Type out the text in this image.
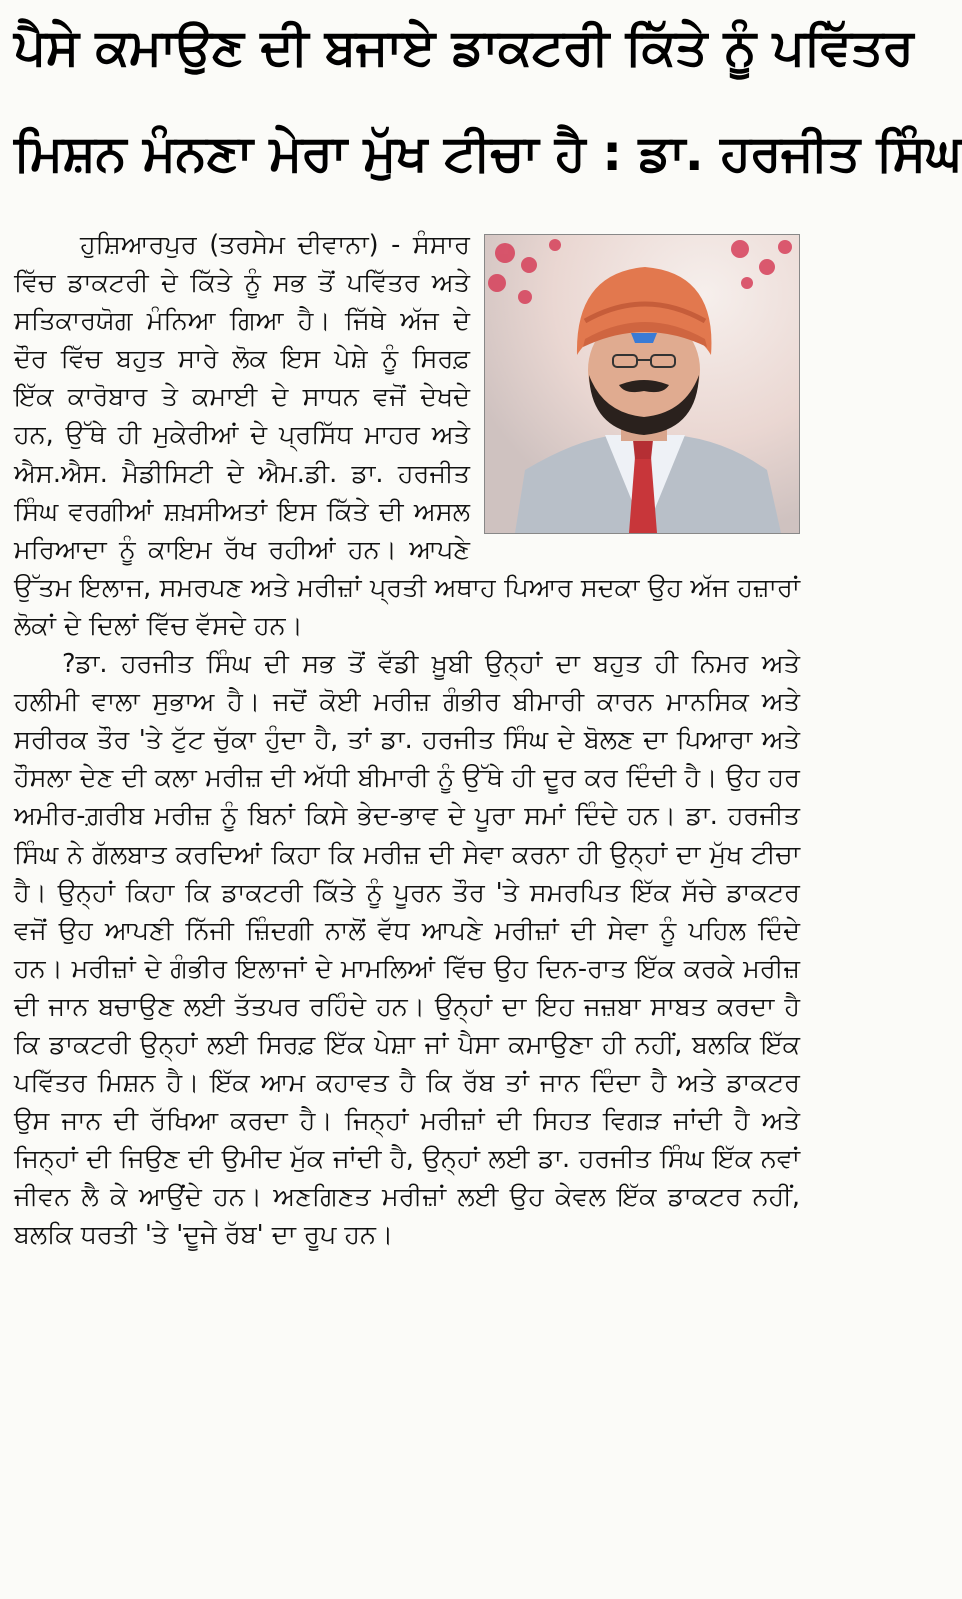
ਪੈਸੇ ਕਮਾਉਣ ਦੀ ਬਜਾਏ ਡਾਕਟਰੀ ਕਿੱਤੇ ਨੂੰ ਪਵਿੱਤਰ
ਮਿਸ਼ਨ ਮੰਨਣਾ ਮੇਰਾ ਮੁੱਖ ਟੀਚਾ ਹੈ : ਡਾ. ਹਰਜੀਤ ਸਿੰਘ

ਹੁਸ਼ਿਆਰਪੁਰ (ਤਰਸੇਮ ਦੀਵਾਨਾ) -
ਸੰਸਾਰ ਵਿੱਚ ਡਾਕਟਰੀ ਦੇ ਕਿੱਤੇ ਨੂੰ ਸਭ ਤੋਂ ਪਵਿੱਤਰ ਅਤੇ ਸਤਿਕਾਰਯੋਗ ਮੰਨਿਆ ਗਿਆ ਹੈ। ਜਿੱਥੇ ਅੱਜ ਦੇ ਦੌਰ ਵਿੱਚ ਬਹੁਤ ਸਾਰੇ ਲੋਕ ਇਸ ਪੇਸ਼ੇ ਨੂੰ ਸਿਰਫ਼ ਇੱਕ ਕਾਰੋਬਾਰ ਤੇ ਕਮਾਈ ਦੇ ਸਾਧਨ ਵਜੋਂ ਦੇਖਦੇ ਹਨ, ਉੱਥੇ ਹੀ ਮੁਕੇਰੀਆਂ ਦੇ ਪ੍ਰਸਿੱਧ ਮਾਹਰ ਅਤੇ ਐਸ.ਐਸ. ਮੈਡੀਸਿਟੀ ਦੇ ਐਮ.ਡੀ. ਡਾ. ਹਰਜੀਤ ਸਿੰਘ ਵਰਗੀਆਂ ਸ਼ਖ਼ਸੀਅਤਾਂ ਇਸ ਕਿੱਤੇ ਦੀ ਅਸਲ ਮਰਿਆਦਾ ਨੂੰ ਕਾਇਮ ਰੱਖ ਰਹੀਆਂ ਹਨ। ਆਪਣੇ ਉੱਤਮ ਇਲਾਜ, ਸਮਰਪਣ ਅਤੇ ਮਰੀਜ਼ਾਂ ਪ੍ਰਤੀ ਅਥਾਹ ਪਿਆਰ ਸਦਕਾ ਉਹ ਅੱਜ ਹਜ਼ਾਰਾਂ ਲੋਕਾਂ ਦੇ ਦਿਲਾਂ ਵਿੱਚ ਵੱਸਦੇ ਹਨ।

?ਡਾ. ਹਰਜੀਤ ਸਿੰਘ ਦੀ ਸਭ ਤੋਂ ਵੱਡੀ ਖ਼ੂਬੀ ਉਨ੍ਹਾਂ ਦਾ ਬਹੁਤ ਹੀ ਨਿਮਰ ਅਤੇ ਹਲੀਮੀ ਵਾਲਾ ਸੁਭਾਅ ਹੈ। ਜਦੋਂ ਕੋਈ ਮਰੀਜ਼ ਗੰਭੀਰ ਬੀਮਾਰੀ ਕਾਰਨ ਮਾਨਸਿਕ ਅਤੇ ਸਰੀਰਕ ਤੌਰ 'ਤੇ ਟੁੱਟ ਚੁੱਕਾ ਹੁੰਦਾ ਹੈ, ਤਾਂ ਡਾ. ਹਰਜੀਤ ਸਿੰਘ ਦੇ ਬੋਲਣ ਦਾ ਪਿਆਰਾ ਅਤੇ ਹੌਸਲਾ ਦੇਣ ਦੀ ਕਲਾ ਮਰੀਜ਼ ਦੀ ਅੱਧੀ ਬੀਮਾਰੀ ਨੂੰ ਉੱਥੇ ਹੀ ਦੂਰ ਕਰ ਦਿੰਦੀ ਹੈ। ਉਹ ਹਰ ਅਮੀਰ-ਗ਼ਰੀਬ ਮਰੀਜ਼ ਨੂੰ ਬਿਨਾਂ ਕਿਸੇ ਭੇਦ-ਭਾਵ ਦੇ ਪੂਰਾ ਸਮਾਂ ਦਿੰਦੇ ਹਨ। ਡਾ. ਹਰਜੀਤ ਸਿੰਘ ਨੇ ਗੱਲਬਾਤ ਕਰਦਿਆਂ ਕਿਹਾ ਕਿ ਮਰੀਜ਼ ਦੀ ਸੇਵਾ ਕਰਨਾ ਹੀ ਉਨ੍ਹਾਂ ਦਾ ਮੁੱਖ ਟੀਚਾ ਹੈ। ਉਨ੍ਹਾਂ ਕਿਹਾ ਕਿ ਡਾਕਟਰੀ ਕਿੱਤੇ ਨੂੰ ਪੂਰਨ ਤੌਰ 'ਤੇ ਸਮਰਪਿਤ ਇੱਕ ਸੱਚੇ ਡਾਕਟਰ ਵਜੋਂ ਉਹ ਆਪਣੀ ਨਿੱਜੀ ਜ਼ਿੰਦਗੀ ਨਾਲੋਂ ਵੱਧ ਆਪਣੇ ਮਰੀਜ਼ਾਂ ਦੀ ਸੇਵਾ ਨੂੰ ਪਹਿਲ ਦਿੰਦੇ ਹਨ। ਮਰੀਜ਼ਾਂ ਦੇ ਗੰਭੀਰ ਇਲਾਜਾਂ ਦੇ ਮਾਮਲਿਆਂ ਵਿੱਚ ਉਹ ਦਿਨ-ਰਾਤ ਇੱਕ ਕਰਕੇ ਮਰੀਜ਼ ਦੀ ਜਾਨ ਬਚਾਉਣ ਲਈ ਤੱਤਪਰ ਰਹਿੰਦੇ ਹਨ। ਉਨ੍ਹਾਂ ਦਾ ਇਹ ਜਜ਼ਬਾ ਸਾਬਤ ਕਰਦਾ ਹੈ ਕਿ ਡਾਕਟਰੀ ਉਨ੍ਹਾਂ ਲਈ ਸਿਰਫ਼ ਇੱਕ ਪੇਸ਼ਾ ਜਾਂ ਪੈਸਾ ਕਮਾਉਣਾ ਹੀ ਨਹੀਂ, ਬਲਕਿ ਇੱਕ ਪਵਿੱਤਰ ਮਿਸ਼ਨ ਹੈ। ਇੱਕ ਆਮ ਕਹਾਵਤ ਹੈ ਕਿ ਰੱਬ ਤਾਂ ਜਾਨ ਦਿੰਦਾ ਹੈ ਅਤੇ ਡਾਕਟਰ ਉਸ ਜਾਨ ਦੀ ਰੱਖਿਆ ਕਰਦਾ ਹੈ। ਜਿਨ੍ਹਾਂ ਮਰੀਜ਼ਾਂ ਦੀ ਸਿਹਤ ਵਿਗੜ ਜਾਂਦੀ ਹੈ ਅਤੇ ਜਿਨ੍ਹਾਂ ਦੀ ਜਿਉਣ ਦੀ ਉਮੀਦ ਮੁੱਕ ਜਾਂਦੀ ਹੈ, ਉਨ੍ਹਾਂ ਲਈ ਡਾ. ਹਰਜੀਤ ਸਿੰਘ ਇੱਕ ਨਵਾਂ ਜੀਵਨ ਲੈ ਕੇ ਆਉਂਦੇ ਹਨ। ਅਣਗਿਣਤ ਮਰੀਜ਼ਾਂ ਲਈ ਉਹ ਕੇਵਲ ਇੱਕ ਡਾਕਟਰ ਨਹੀਂ, ਬਲਕਿ ਧਰਤੀ 'ਤੇ 'ਦੂਜੇ ਰੱਬ' ਦਾ ਰੂਪ ਹਨ।
